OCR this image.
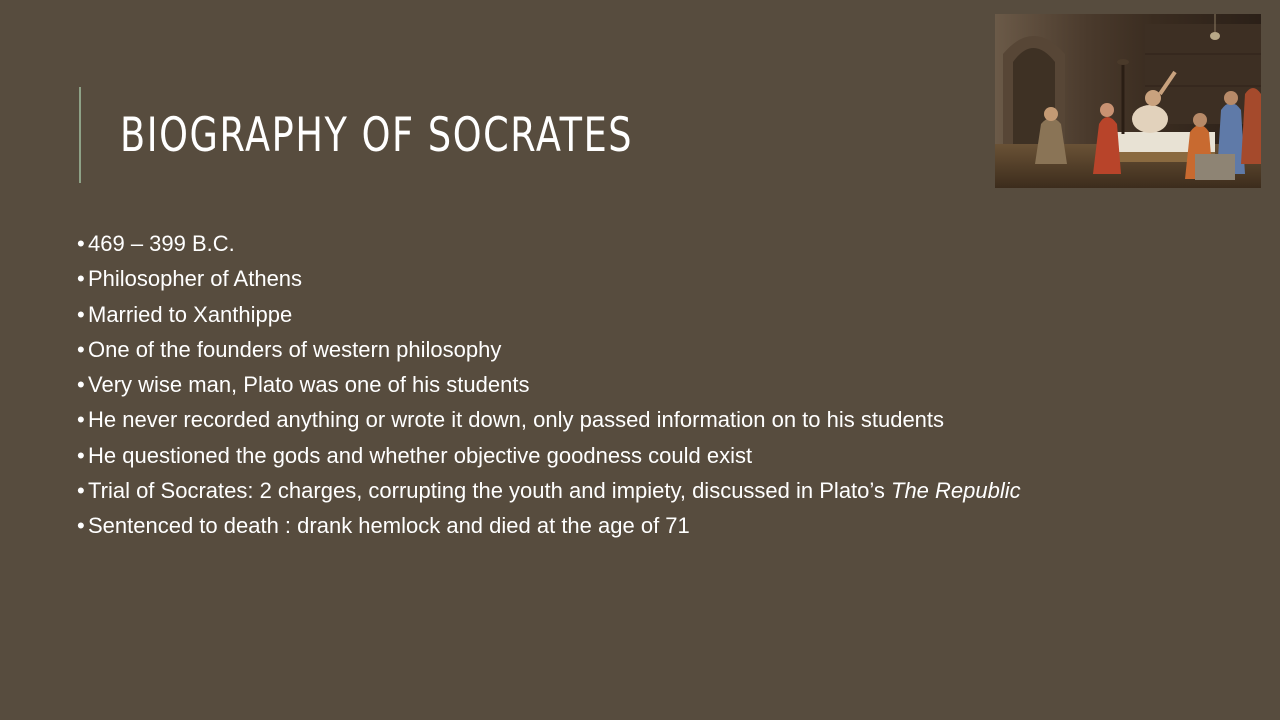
BIOGRAPHY OF SOCRATES
• 469 – 399 B.C.
• Philosopher of Athens
• Married to Xanthippe
• One of the founders of western philosophy
• Very wise man, Plato was one of his students
• He never recorded anything or wrote it down, only passed information on to his students
• He questioned the gods and whether objective goodness could exist
• Trial of Socrates: 2 charges, corrupting the youth and impiety, discussed in Plato’s The Republic
• Sentenced to death : drank hemlock and died at the age of 71
